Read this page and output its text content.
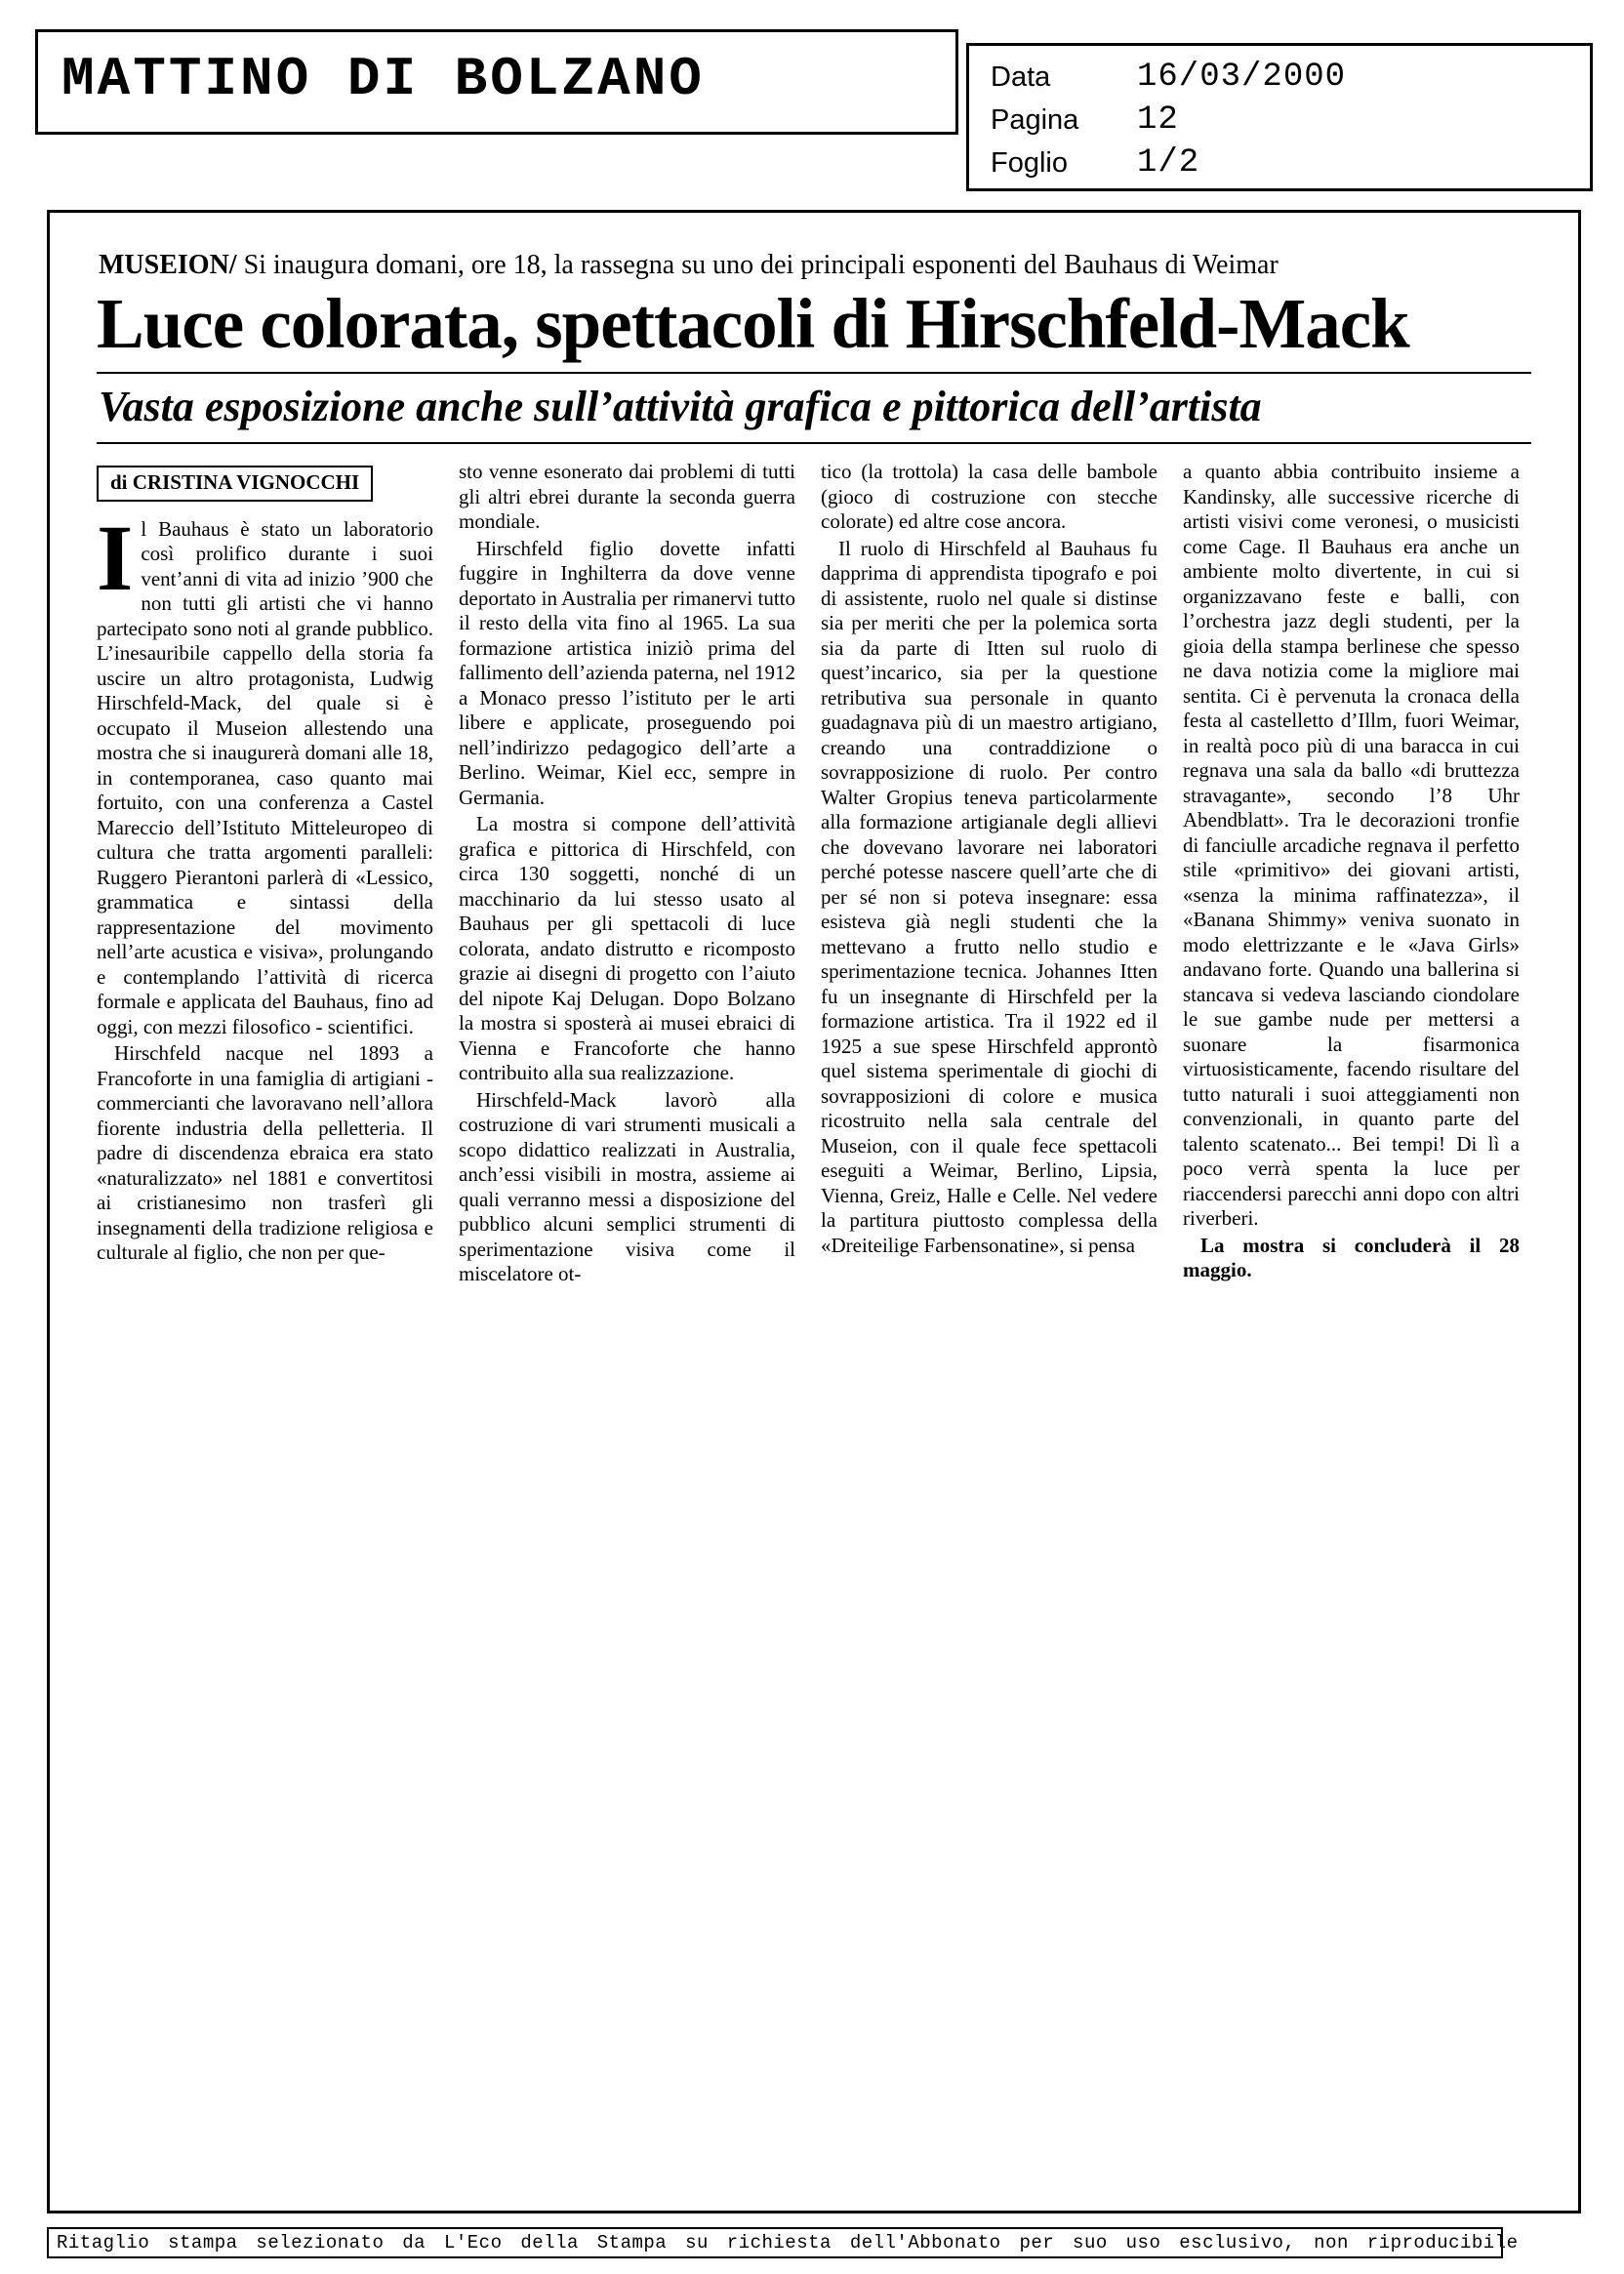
MATTINO DI BOLZANO	Data	16/03/2000
Pagina	12
Foglio	1/2

MUSEION/ Si inaugura domani, ore 18, la rassegna su uno dei principali esponenti del Bauhaus di Weimar

Luce colorata, spettacoli di Hirschfeld-Mack
Vasta esposizione anche sull’attività grafica e pittorica dell’artista
di CRISTINA VIGNOCCHI

Il Bauhaus è stato un laboratorio così prolifico durante i suoi vent’anni di vita ad inizio ’900 che non tutti gli artisti che vi hanno partecipato sono noti al grande pubblico. L’inesauribile cappello della storia fa uscire un altro protagonista, Ludwig Hirschfeld-Mack, del quale si è occupato il Museion allestendo una mostra che si inaugurerà domani alle 18, in contemporanea, caso quanto mai fortuito, con una conferenza a Castel Mareccio dell’Istituto Mitteleuropeo di cultura che tratta argomenti paralleli: Ruggero Pierantoni parlerà di «Lessico, grammatica e sintassi della rappresentazione del movimento nell’arte acustica e visiva», prolungando e contemplando l’attività di ricerca formale e applicata del Bauhaus, fino ad oggi, con mezzi filosofico - scientifici.

Hirschfeld nacque nel 1893 a Francoforte in una famiglia di artigiani - commercianti che lavoravano nell’allora fiorente industria della pelletteria. Il padre di discendenza ebraica era stato «naturalizzato» nel 1881 e convertitosi ai cristianesimo non trasferì gli insegnamenti della tradizione religiosa e culturale al figlio, che non per que-

sto venne esonerato dai problemi di tutti gli altri ebrei durante la seconda guerra mondiale.

Hirschfeld figlio dovette infatti fuggire in Inghilterra da dove venne deportato in Australia per rimanervi tutto il resto della vita fino al 1965. La sua formazione artistica iniziò prima del fallimento dell’azienda paterna, nel 1912 a Monaco presso l’istituto per le arti libere e applicate, proseguendo poi nell’indirizzo pedagogico dell’arte a Berlino. Weimar, Kiel ecc, sempre in Germania.

La mostra si compone dell’attività grafica e pittorica di Hirschfeld, con circa 130 soggetti, nonché di un macchinario da lui stesso usato al Bauhaus per gli spettacoli di luce colorata, andato distrutto e ricomposto grazie ai disegni di progetto con l’aiuto del nipote Kaj Delugan. Dopo Bolzano la mostra si sposterà ai musei ebraici di Vienna e Francoforte che hanno contribuito alla sua realizzazione.

Hirschfeld-Mack lavorò alla costruzione di vari strumenti musicali a scopo didattico realizzati in Australia, anch’essi visibili in mostra, assieme ai quali verranno messi a disposizione del pubblico alcuni semplici strumenti di sperimentazione visiva come il miscelatore ot-

tico (la trottola) la casa delle bambole (gioco di costruzione con stecche colorate) ed altre cose ancora.

Il ruolo di Hirschfeld al Bauhaus fu dapprima di apprendista tipografo e poi di assistente, ruolo nel quale si distinse sia per meriti che per la polemica sorta sia da parte di Itten sul ruolo di quest’incarico, sia per la questione retributiva sua personale in quanto guadagnava più di un maestro artigiano, creando una contraddizione o sovrapposizione di ruolo. Per contro Walter Gropius teneva particolarmente alla formazione artigianale degli allievi che dovevano lavorare nei laboratori perché potesse nascere quell’arte che di per sé non si poteva insegnare: essa esisteva già negli studenti che la mettevano a frutto nello studio e sperimentazione tecnica. Johannes Itten fu un insegnante di Hirschfeld per la formazione artistica. Tra il 1922 ed il 1925 a sue spese Hirschfeld approntò quel sistema sperimentale di giochi di sovrapposizioni di colore e musica ricostruito nella sala centrale del Museion, con il quale fece spettacoli eseguiti a Weimar, Berlino, Lipsia, Vienna, Greiz, Halle e Celle. Nel vedere la partitura piuttosto complessa della «Dreiteilige Farbensonatine», si pensa

a quanto abbia contribuito insieme a Kandinsky, alle successive ricerche di artisti visivi come veronesi, o musicisti come Cage. Il Bauhaus era anche un ambiente molto divertente, in cui si organizzavano feste e balli, con l’orchestra jazz degli studenti, per la gioia della stampa berlinese che spesso ne dava notizia come la migliore mai sentita. Ci è pervenuta la cronaca della festa al castelletto d’Illm, fuori Weimar, in realtà poco più di una baracca in cui regnava una sala da ballo «di bruttezza stravagante», secondo l’8 Uhr Abendblatt». Tra le decorazioni tronfie di fanciulle arcadiche regnava il perfetto stile «primitivo» dei giovani artisti, «senza la minima raffinatezza», il «Banana Shimmy» veniva suonato in modo elettrizzante e le «Java Girls» andavano forte. Quando una ballerina si stancava si vedeva lasciando ciondolare le sue gambe nude per mettersi a suonare la fisarmonica virtuosisticamente, facendo risultare del tutto naturali i suoi atteggiamenti non convenzionali, in quanto parte del talento scatenato... Bei tempi! Di lì a poco verrà spenta la luce per riaccendersi parecchi anni dopo con altri riverberi.

La mostra si concluderà il 28 maggio.

Ritaglio stampa selezionato da L'Eco della Stampa su richiesta dell'Abbonato per suo uso esclusivo, non riproducibile
